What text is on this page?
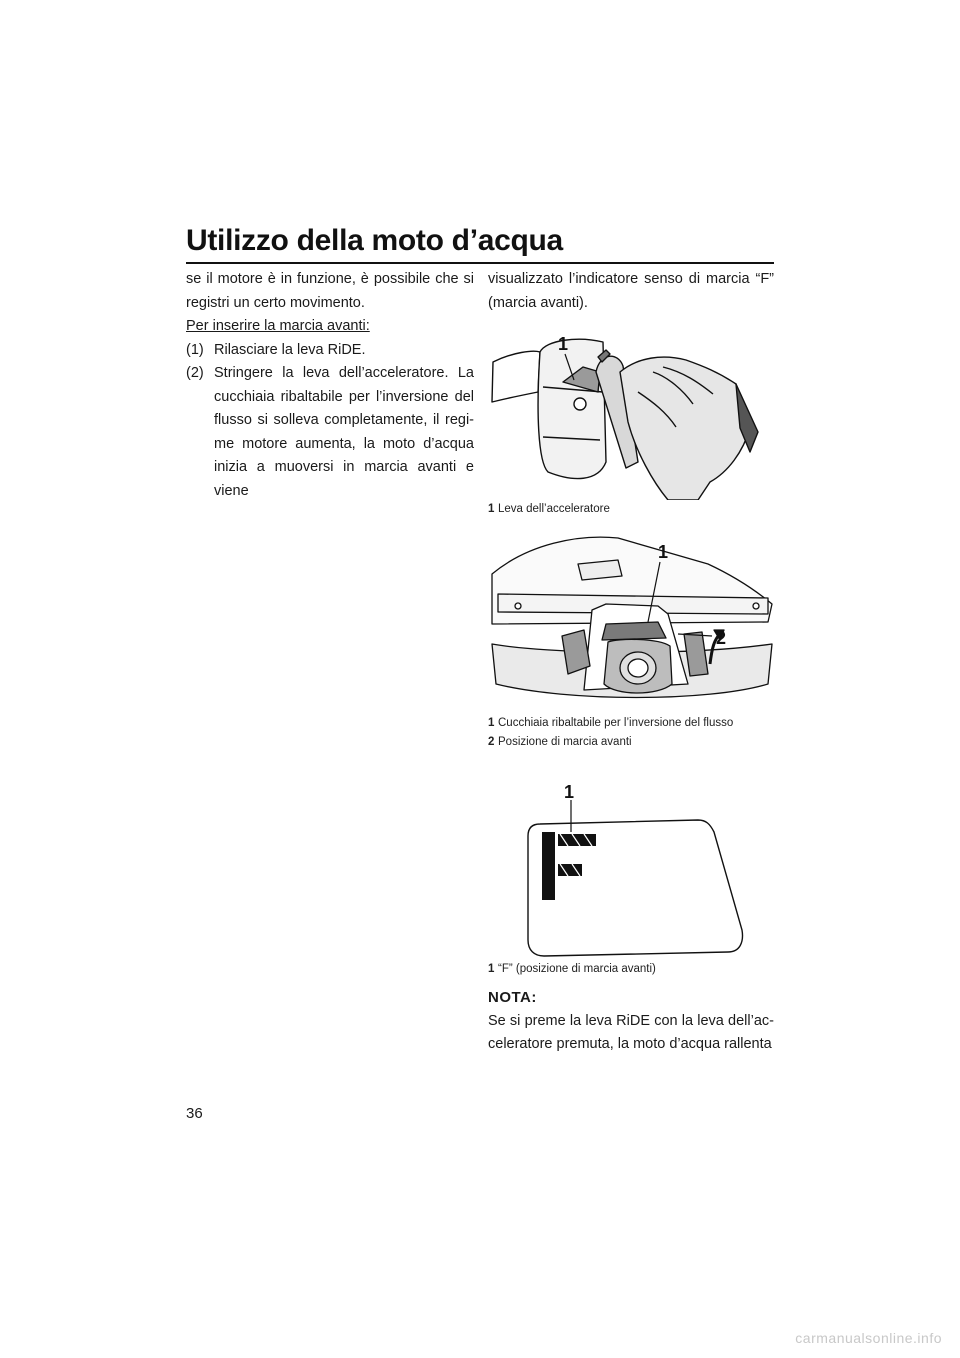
Utilizzo della moto d’acqua

se il motore è in funzione, è possibile che si registri un certo movimento.

Per inserire la marcia avanti:

(1) Rilasciare la leva RiDE.
(2) Stringere la leva dell’acceleratore. La cucchiaia ribaltabile per l’inversione del flusso si solleva completamente, il regi-me motore aumenta, la moto d’acqua inizia a muoversi in marcia avanti e viene

visualizzato l’indicatore senso di marcia “F” (marcia avanti).

1
1 Leva dell’acceleratore
1
2
1 Cucchiaia ribaltabile per l’inversione del flusso
2 Posizione di marcia avanti
1
1 “F” (posizione di marcia avanti)
NOTA:

Se si preme la leva RiDE con la leva dell’ac-celeratore premuta, la moto d’acqua rallenta

36
carmanualsonline.info
